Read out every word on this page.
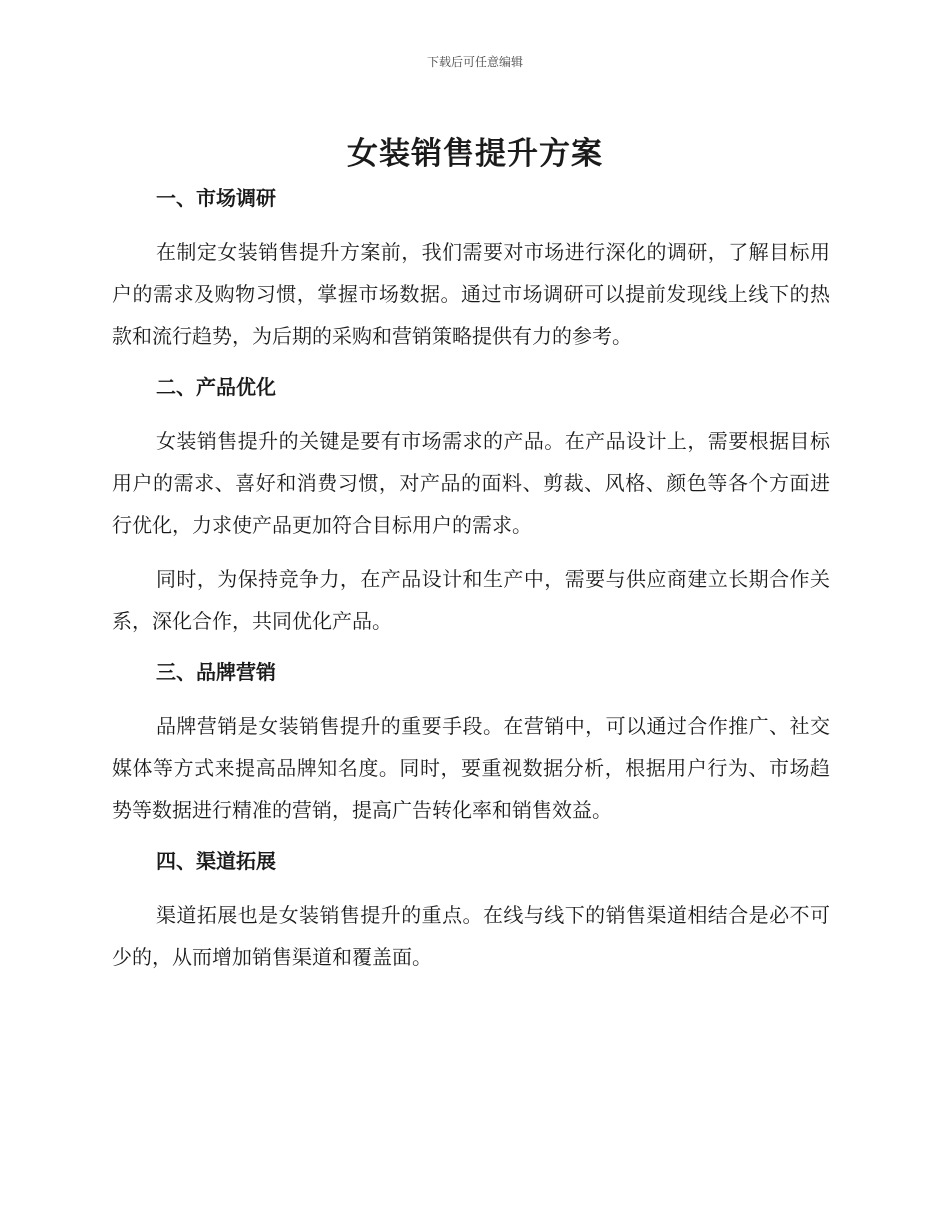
下载后可任意编辑
女装销售提升方案
一、市场调研

在制定女装销售提升方案前，我们需要对市场进行深化的调研，了解目标用户的需求及购物习惯，掌握市场数据。通过市场调研可以提前发现线上线下的热款和流行趋势，为后期的采购和营销策略提供有力的参考。

二、产品优化

女装销售提升的关键是要有市场需求的产品。在产品设计上，需要根据目标用户的需求、喜好和消费习惯，对产品的面料、剪裁、风格、颜色等各个方面进行优化，力求使产品更加符合目标用户的需求。

同时，为保持竞争力，在产品设计和生产中，需要与供应商建立长期合作关系，深化合作，共同优化产品。

三、品牌营销

品牌营销是女装销售提升的重要手段。在营销中，可以通过合作推广、社交媒体等方式来提高品牌知名度。同时，要重视数据分析，根据用户行为、市场趋势等数据进行精准的营销，提高广告转化率和销售效益。

四、渠道拓展

渠道拓展也是女装销售提升的重点。在线与线下的销售渠道相结合是必不可少的，从而增加销售渠道和覆盖面。
